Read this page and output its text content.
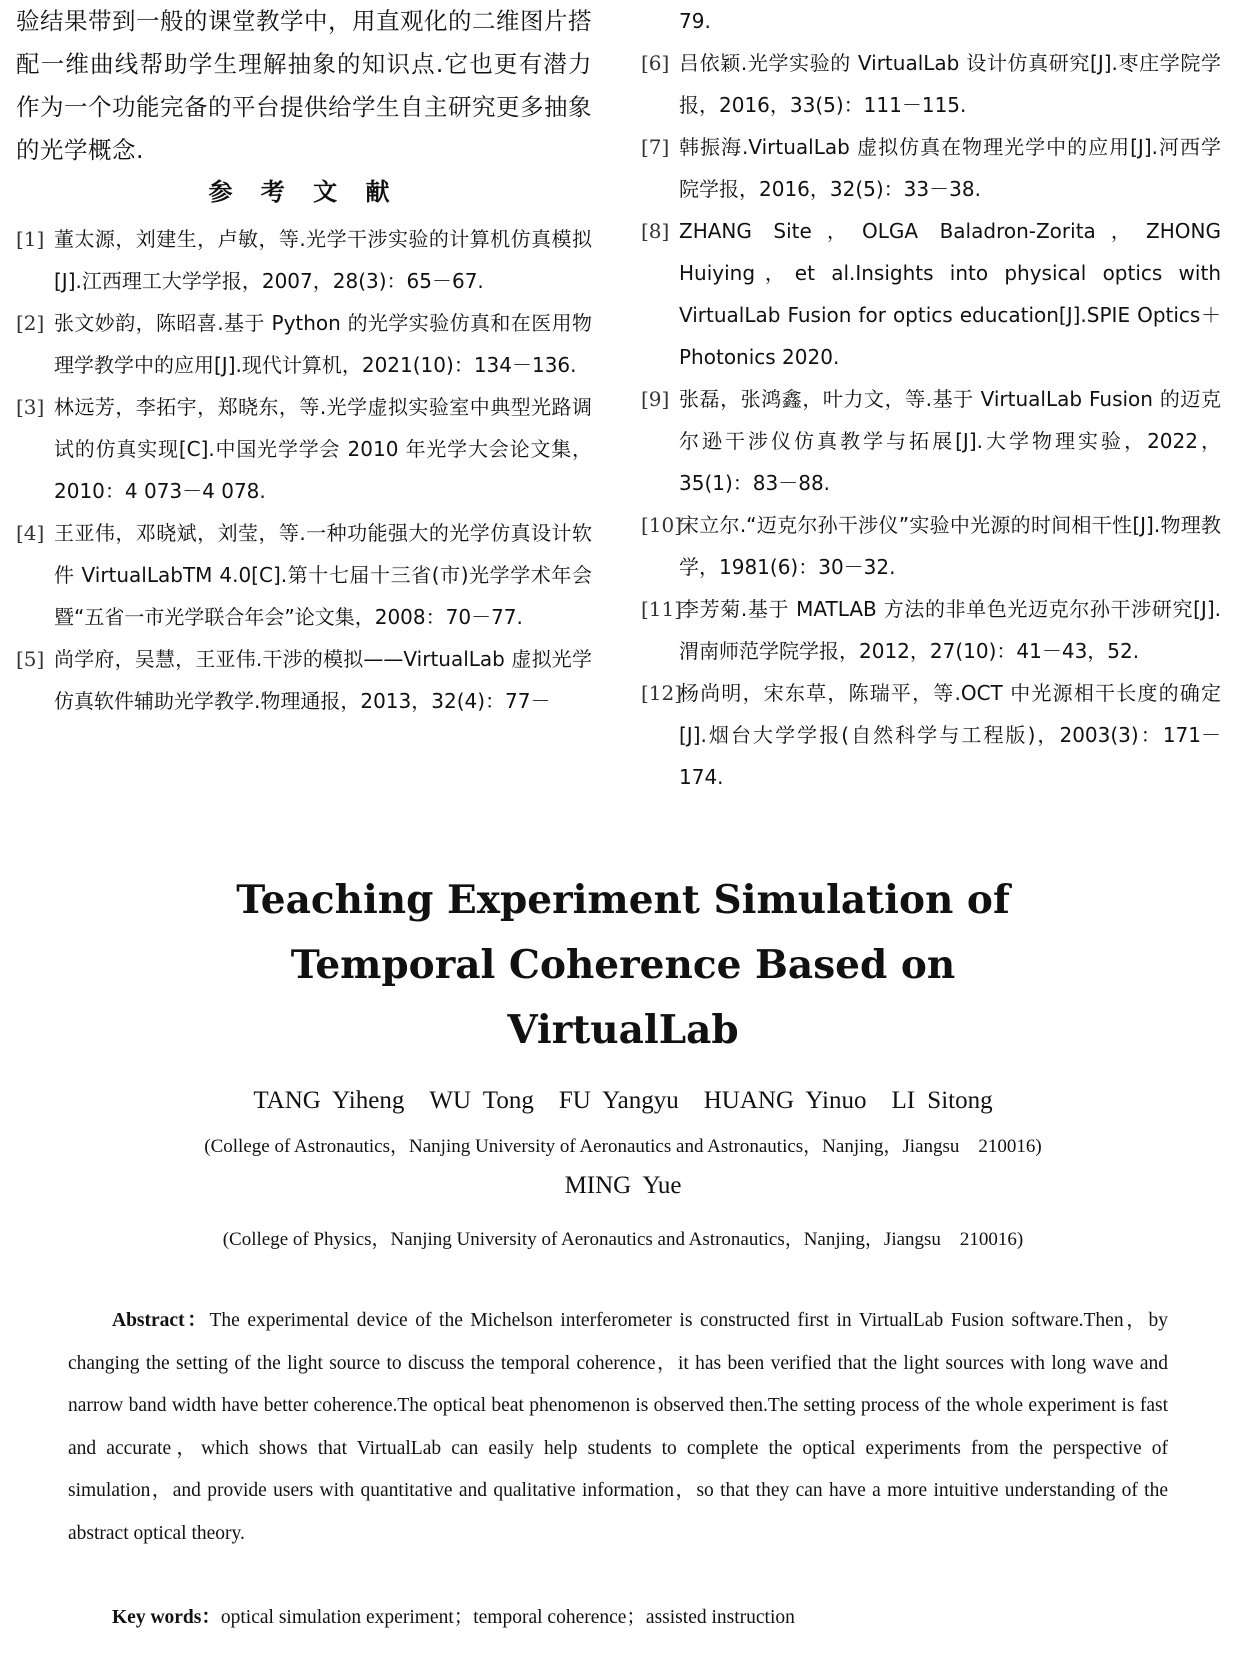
验结果带到一般的课堂教学中，用直观化的二维图片搭配一维曲线帮助学生理解抽象的知识点.它也更有潜力作为一个功能完备的平台提供给学生自主研究更多抽象的光学概念.

参 考 文 献
[1] 董太源，刘建生，卢敏，等.光学干涉实验的计算机仿真模拟[J].江西理工大学学报，2007，28(3)：65－67.
[2] 张文妙韵，陈昭喜.基于 Python 的光学实验仿真和在医用物理学教学中的应用[J].现代计算机，2021(10)：134－136.
[3] 林远芳，李拓宇，郑晓东，等.光学虚拟实验室中典型光路调试的仿真实现[C].中国光学学会 2010 年光学大会论文集，2010：4 073－4 078.
[4] 王亚伟，邓晓斌，刘莹，等.一种功能强大的光学仿真设计软件 VirtualLabTM 4.0[C].第十七届十三省(市)光学学术年会暨“五省一市光学联合年会”论文集，2008：70－77.
[5] 尚学府，吴慧，王亚伟.干涉的模拟——VirtualLab 虚拟光学仿真软件辅助光学教学.物理通报，2013，32(4)：77－
79.
[6] 吕依颖.光学实验的 VirtualLab 设计仿真研究[J].枣庄学院学报，2016，33(5)：111－115.
[7] 韩振海.VirtualLab 虚拟仿真在物理光学中的应用[J].河西学院学报，2016，32(5)：33－38.
[8] ZHANG Site，OLGA Baladron-Zorita，ZHONG Huiying，et al.Insights into physical optics with VirtualLab Fusion for optics education[J].SPIE Optics＋Photonics 2020.
[9] 张磊，张鸿鑫，叶力文，等.基于 VirtualLab Fusion 的迈克尔逊干涉仪仿真教学与拓展[J].大学物理实验，2022，35(1)：83－88.
[10]
宋立尔.“迈克尔孙干涉仪”实验中光源的时间相干性[J].物理教学，1981(6)：30－32.
[11]
李芳菊.基于 MATLAB 方法的非单色光迈克尔孙干涉研究[J].渭南师范学院学报，2012，27(10)：41－43，52.
[12]
杨尚明，宋东草，陈瑞平，等.OCT 中光源相干长度的确定[J].烟台大学学报(自然科学与工程版)，2003(3)：171－174.
Teaching Experiment Simulation of Temporal Coherence Based on VirtualLab

TANG Yiheng　WU Tong　FU Yangyu　HUANG Yinuo　LI Sitong

(College of Astronautics，Nanjing University of Aeronautics and Astronautics，Nanjing，Jiangsu　210016)

MING Yue

(College of Physics，Nanjing University of Aeronautics and Astronautics，Nanjing，Jiangsu　210016)

Abstract：The experimental device of the Michelson interferometer is constructed first in VirtualLab Fusion software.Then，by changing the setting of the light source to discuss the temporal coherence，it has been verified that the light sources with long wave and narrow band width have better coherence.The optical beat phenomenon is observed then.The setting process of the whole experiment is fast and accurate，which shows that VirtualLab can easily help students to complete the optical experiments from the perspective of simulation，and provide users with quantitative and qualitative information，so that they can have a more intuitive understanding of the abstract optical theory.

Key words：optical simulation experiment；temporal coherence；assisted instruction
